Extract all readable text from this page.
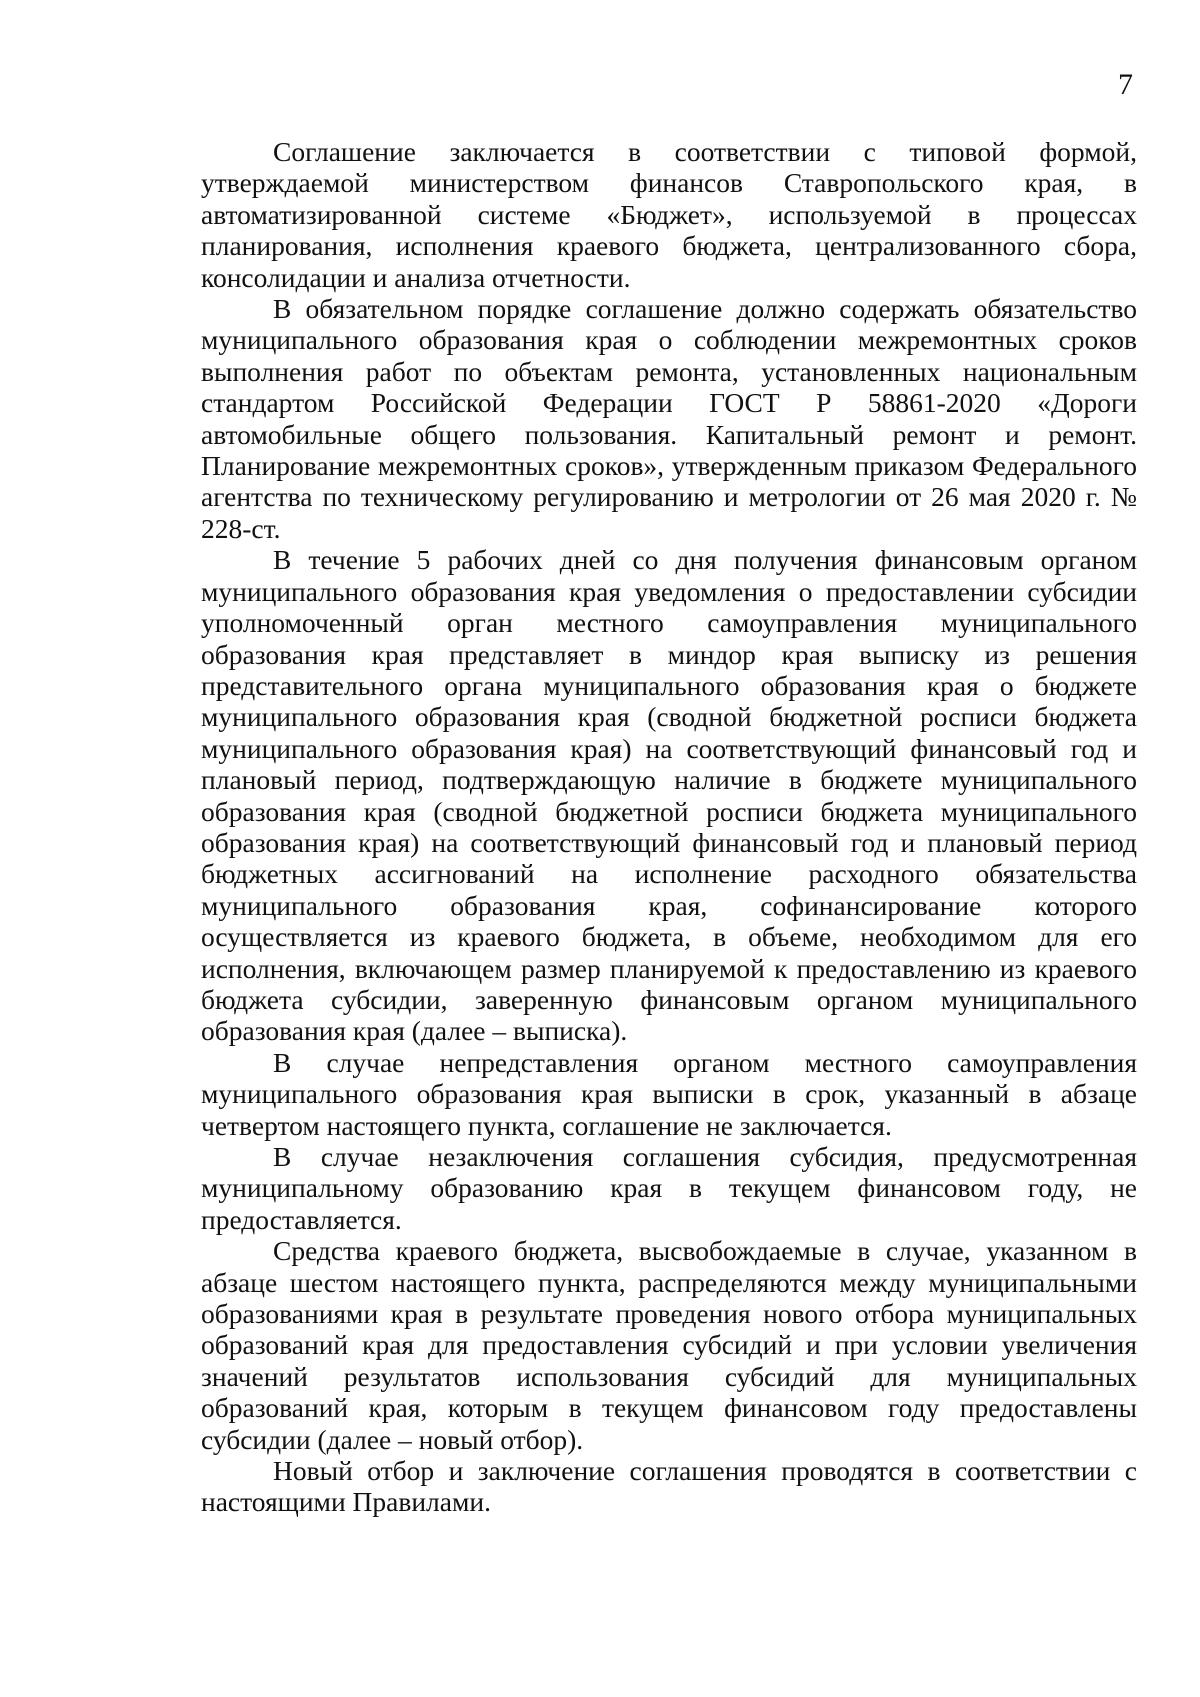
7

Соглашение заключается в соответствии с типовой формой, утверждаемой министерством финансов Ставропольского края, в автоматизированной системе «Бюджет», используемой в процессах планирования, исполнения краевого бюджета, централизованного сбора, консолидации и анализа отчетности.

В обязательном порядке соглашение должно содержать обязательство муниципального образования края о соблюдении межремонтных сроков выполнения работ по объектам ремонта, установленных национальным стандартом Российской Федерации ГОСТ Р 58861-2020 «Дороги автомобильные общего пользования. Капитальный ремонт и ремонт. Планирование межремонтных сроков», утвержденным приказом Федерального агентства по техническому регулированию и метрологии от 26 мая 2020 г. № 228-ст.

В течение 5 рабочих дней со дня получения финансовым органом муниципального образования края уведомления о предоставлении субсидии уполномоченный орган местного самоуправления муниципального образования края представляет в миндор края выписку из решения представительного органа муниципального образования края о бюджете муниципального образования края (сводной бюджетной росписи бюджета муниципального образования края) на соответствующий финансовый год и плановый период, подтверждающую наличие в бюджете муниципального образования края (сводной бюджетной росписи бюджета муниципального образования края) на соответствующий финансовый год и плановый период бюджетных ассигнований на исполнение расходного обязательства муниципального образования края, софинансирование которого осуществляется из краевого бюджета, в объеме, необходимом для его исполнения, включающем размер планируемой к предоставлению из краевого бюджета субсидии, заверенную финансовым органом муниципального образования края (далее – выписка).

В случае непредставления органом местного самоуправления муниципального образования края выписки в срок, указанный в абзаце четвертом настоящего пункта, соглашение не заключается.

В случае незаключения соглашения субсидия, предусмотренная муниципальному образованию края в текущем финансовом году, не предоставляется.

Средства краевого бюджета, высвобождаемые в случае, указанном в абзаце шестом настоящего пункта, распределяются между муниципальными образованиями края в результате проведения нового отбора муниципальных образований края для предоставления субсидий и при условии увеличения значений результатов использования субсидий для муниципальных образований края, которым в текущем финансовом году предоставлены субсидии (далее – новый отбор).

Новый отбор и заключение соглашения проводятся в соответствии с настоящими Правилами.
